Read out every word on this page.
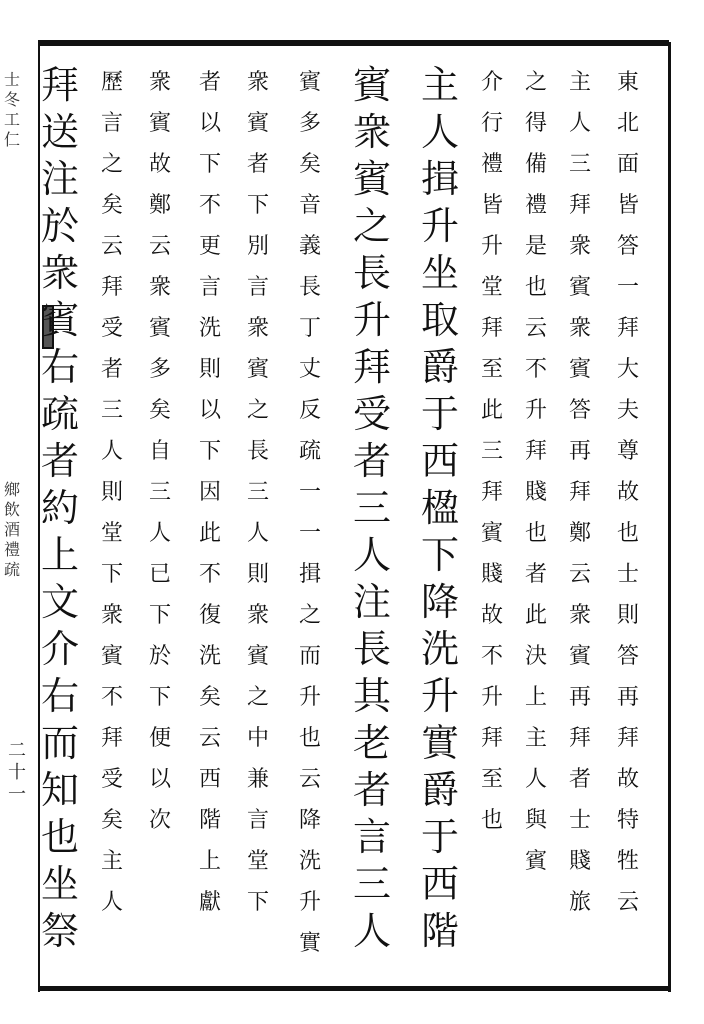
士冬工仁
鄉飲酒禮疏
二十一
東
北
面
皆
答
一
拜
大
夫
尊
故
也
士
則
答
再
拜
故
特
牲
云
主
人
三
拜
衆
賓
衆
賓
答
再
拜
鄭
云
衆
賓
再
拜
者
士
賤
旅
之
得
備
禮
是
也
云
不
升
拜
賤
也
者
此
決
上
主
人
與
賓
介
行
禮
皆
升
堂
拜
至
此
三
拜
賓
賤
故
不
升
拜
至
也
主
人
揖
升
坐
取
爵
于
西
楹
下
降
洗
升
實
爵
于
西
階
賓
衆
賓
之
長
升
拜
受
者
三
人
注
長
其
老
者
言
三
人
賓
多
矣
音
義
長
丁
丈
反
疏
一
一
揖
之
而
升
也
云
降
洗
升
實
衆
賓
者
下
別
言
衆
賓
之
長
三
人
則
衆
賓
之
中
兼
言
堂
下
者
以
下
不
更
言
洗
則
以
下
因
此
不
復
洗
矣
云
西
階
上
獻
衆
賓
故
鄭
云
衆
賓
多
矣
自
三
人
已
下
於
下
便
以
次
歷
言
之
矣
云
拜
受
者
三
人
則
堂
下
衆
賓
不
拜
受
矣
主
人
拜
送
注
於
衆
賓
右
疏
者
約
上
文
介
右
而
知
也
坐
祭
